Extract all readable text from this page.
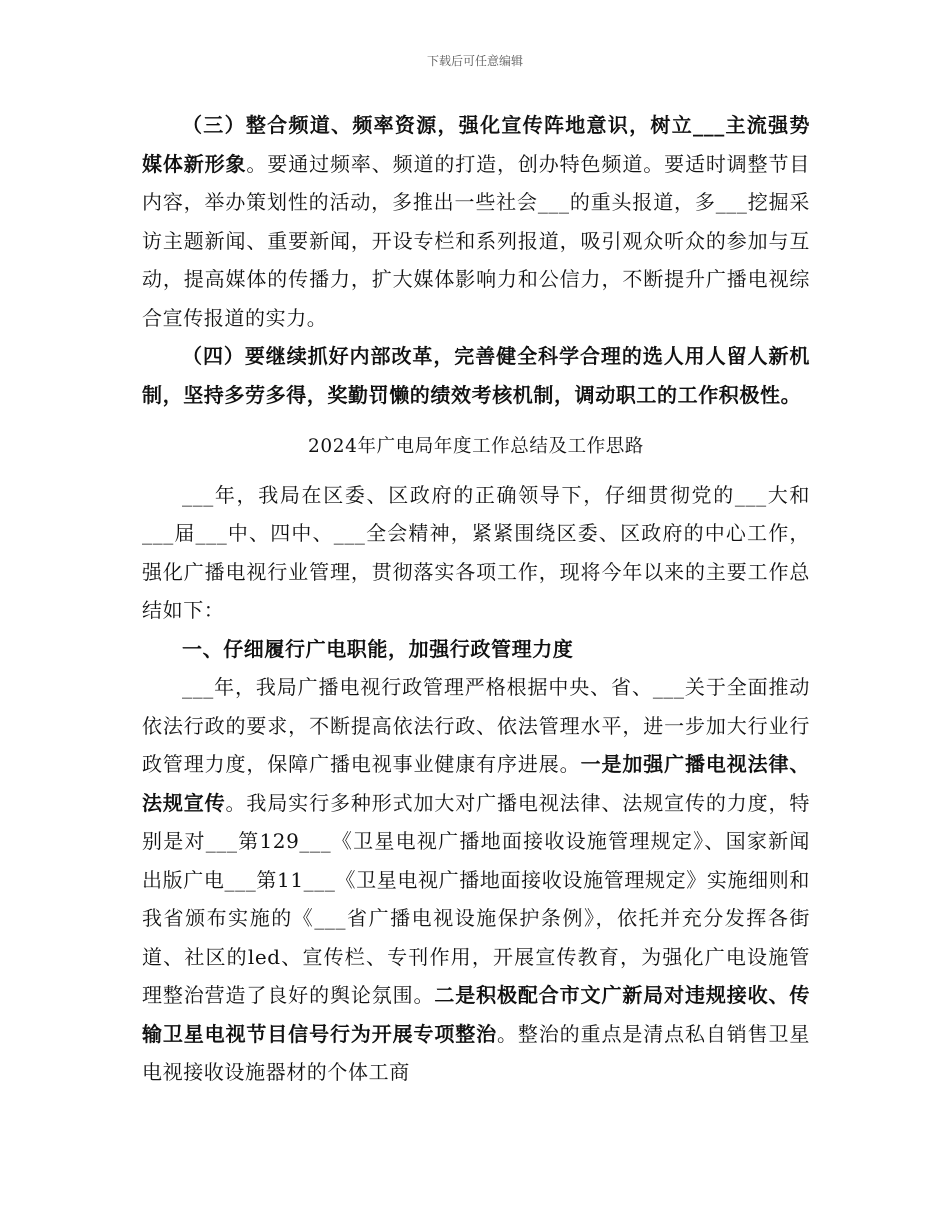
下载后可任意编辑

（三）整合频道、频率资源，强化宣传阵地意识，树立___主流强势媒体新形象。要通过频率、频道的打造，创办特色频道。要适时调整节目内容，举办策划性的活动，多推出一些社会___的重头报道，多___挖掘采访主题新闻、重要新闻，开设专栏和系列报道，吸引观众听众的参加与互动，提高媒体的传播力，扩大媒体影响力和公信力，不断提升广播电视综合宣传报道的实力。

（四）要继续抓好内部改革，完善健全科学合理的选人用人留人新机制，坚持多劳多得，奖勤罚懒的绩效考核机制，调动职工的工作积极性。

2024年广电局年度工作总结及工作思路

___年，我局在区委、区政府的正确领导下，仔细贯彻党的___大和___届___中、四中、___全会精神，紧紧围绕区委、区政府的中心工作，强化广播电视行业管理，贯彻落实各项工作，现将今年以来的主要工作总结如下：

一、仔细履行广电职能，加强行政管理力度

___年，我局广播电视行政管理严格根据中央、省、___关于全面推动依法行政的要求，不断提高依法行政、依法管理水平，进一步加大行业行政管理力度，保障广播电视事业健康有序进展。一是加强广播电视法律、法规宣传。我局实行多种形式加大对广播电视法律、法规宣传的力度，特别是对___第129___《卫星电视广播地面接收设施管理规定》、国家新闻出版广电___第11___《卫星电视广播地面接收设施管理规定》实施细则和我省颁布实施的《___省广播电视设施保护条例》，依托并充分发挥各街道、社区的led、宣传栏、专刊作用，开展宣传教育，为强化广电设施管理整治营造了良好的舆论氛围。二是积极配合市文广新局对违规接收、传输卫星电视节目信号行为开展专项整治。整治的重点是清点私自销售卫星电视接收设施器材的个体工商
